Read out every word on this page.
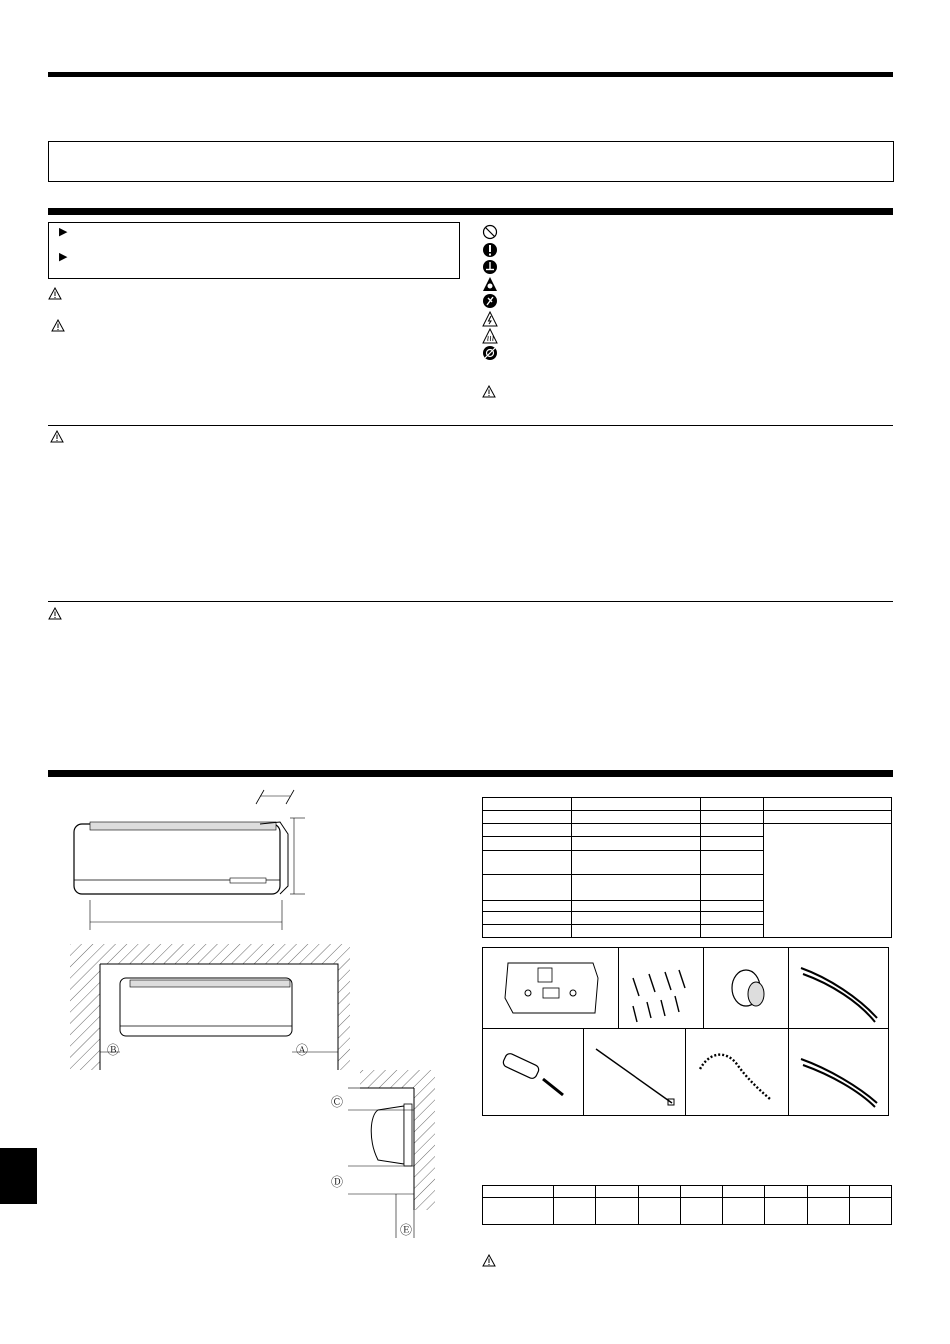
▶
▶
Ⓑ	Ⓐ
Ⓒ
Ⓓ
Ⓔ
